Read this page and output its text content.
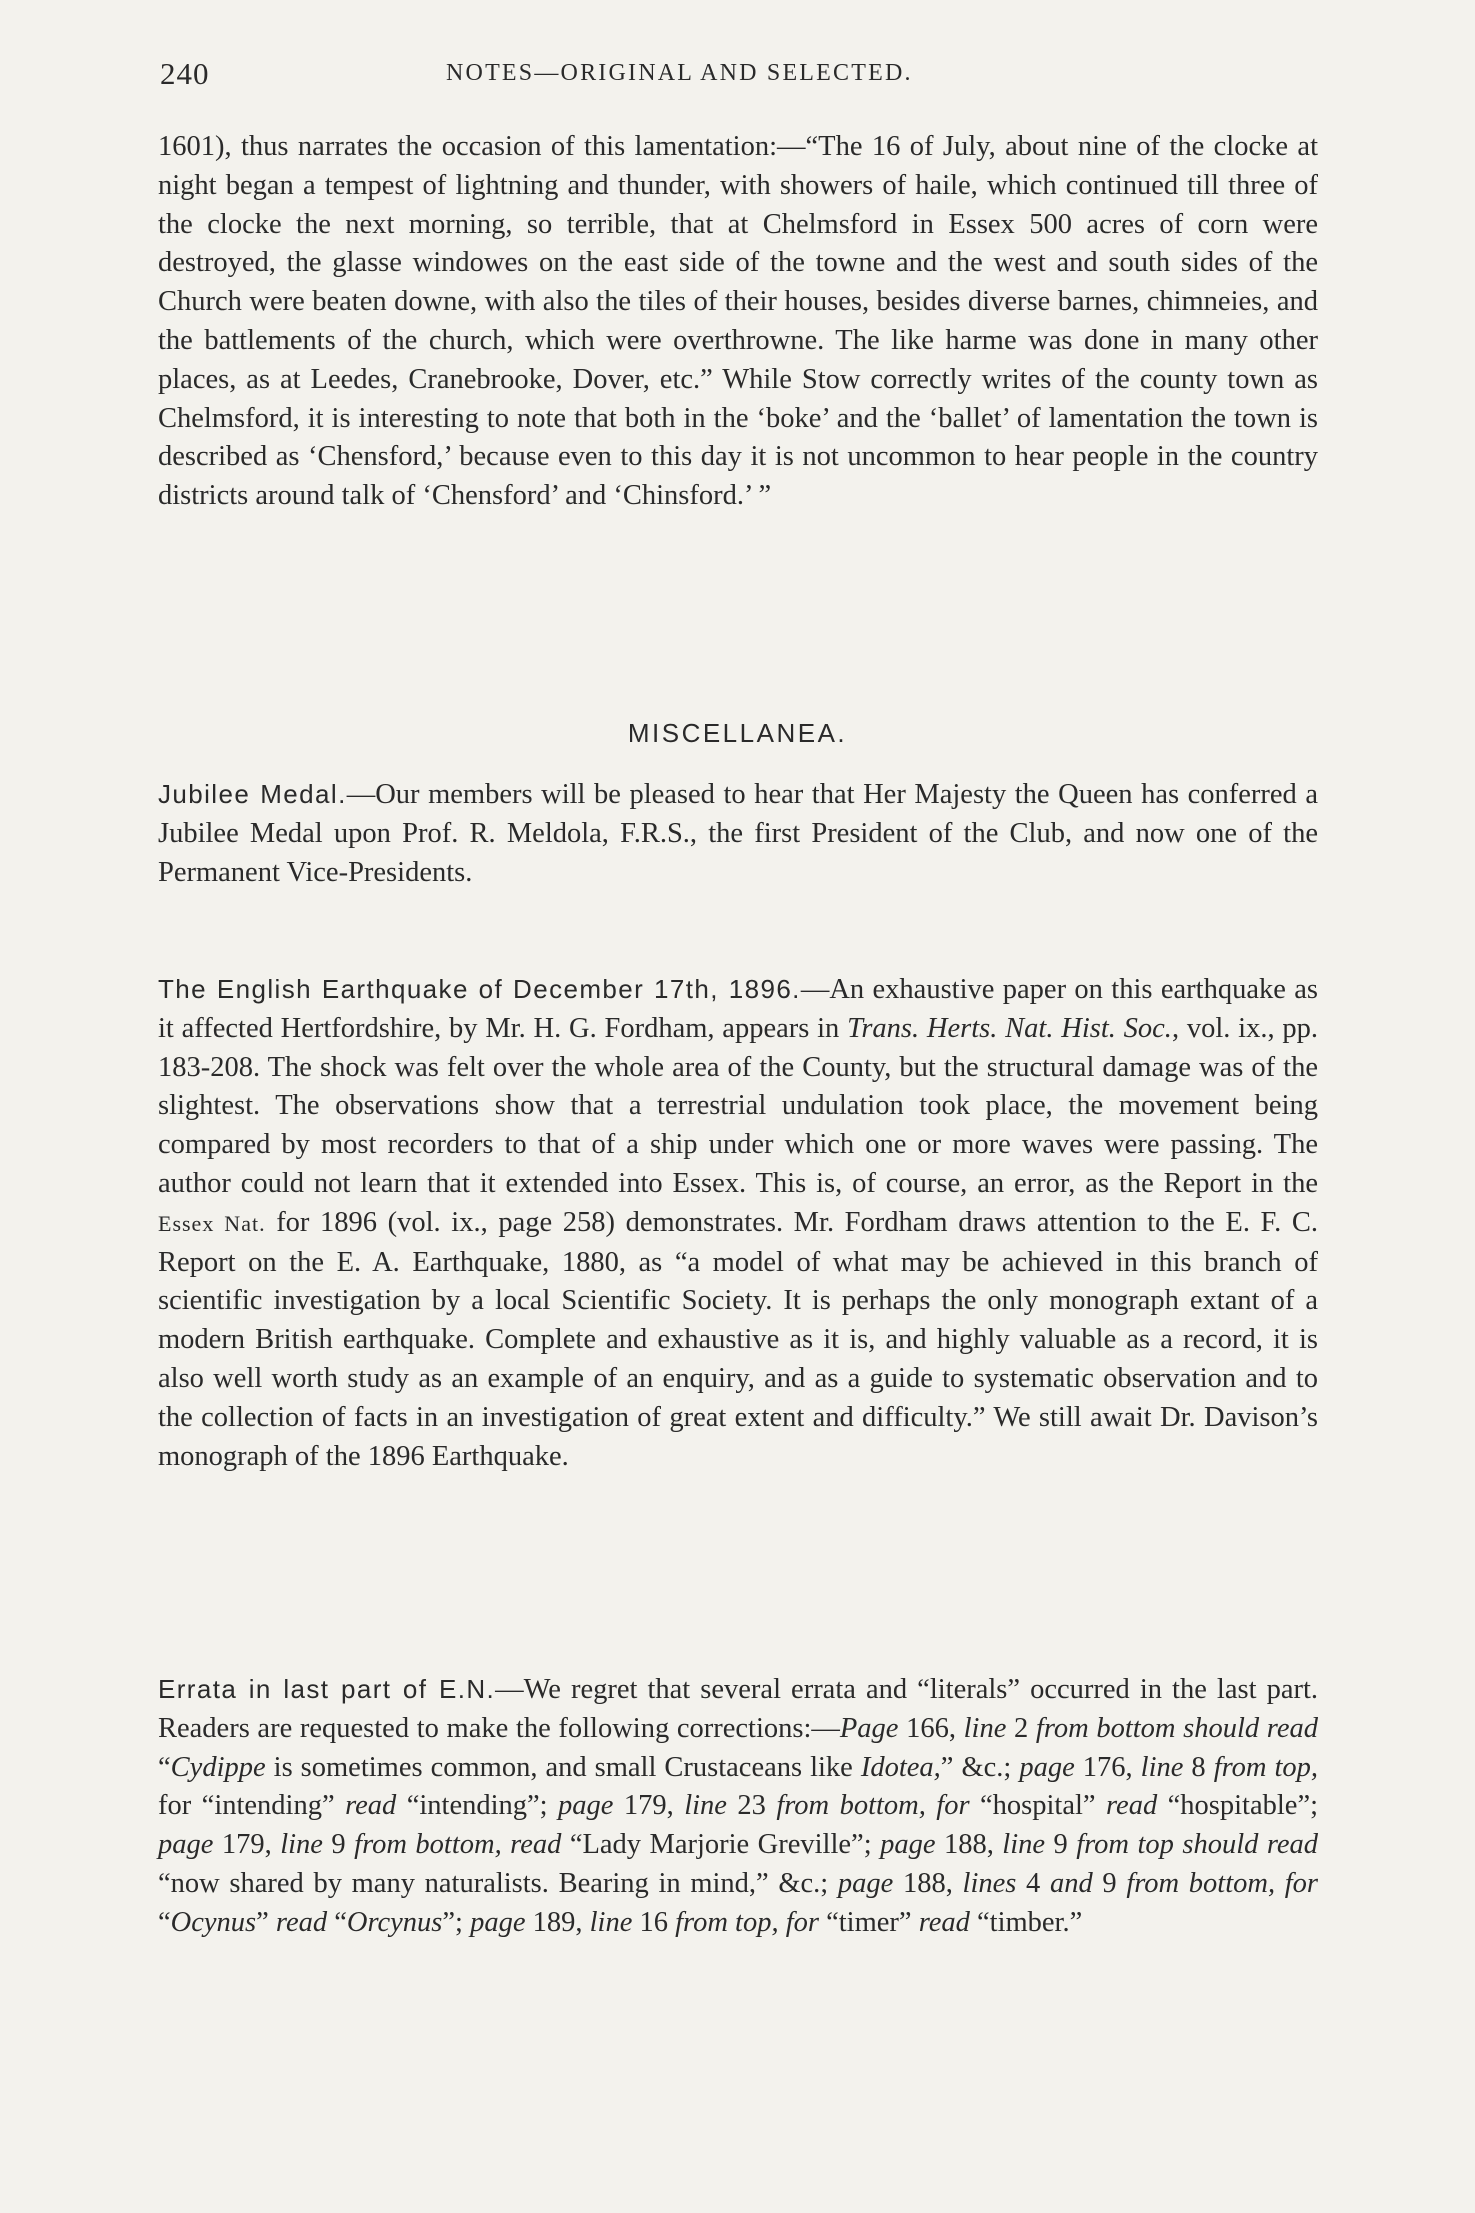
240	NOTES—ORIGINAL AND SELECTED.

1601), thus narrates the occasion of this lamentation:—“The 16 of July, about nine of the clocke at night began a tempest of lightning and thunder, with showers of haile, which continued till three of the clocke the next morning, so terrible, that at Chelmsford in Essex 500 acres of corn were destroyed, the glasse windowes on the east side of the towne and the west and south sides of the Church were beaten downe, with also the tiles of their houses, besides diverse barnes, chimneies, and the battlements of the church, which were overthrowne. The like harme was done in many other places, as at Leedes, Cranebrooke, Dover, etc.” While Stow correctly writes of the county town as Chelmsford, it is interesting to note that both in the ‘boke’ and the ‘ballet’ of lamentation the town is described as ‘Chensford,’ because even to this day it is not uncommon to hear people in the country districts around talk of ‘Chensford’ and ‘Chinsford.’ ”

MISCELLANEA.

Jubilee Medal.—Our members will be pleased to hear that Her Majesty the Queen has conferred a Jubilee Medal upon Prof. R. Meldola, F.R.S., the first President of the Club, and now one of the Permanent Vice-Presidents.

The English Earthquake of December 17th, 1896.—An exhaustive paper on this earthquake as it affected Hertfordshire, by Mr. H. G. Fordham, appears in Trans. Herts. Nat. Hist. Soc., vol. ix., pp. 183-208. The shock was felt over the whole area of the County, but the structural damage was of the slightest. The observations show that a terrestrial undulation took place, the movement being compared by most recorders to that of a ship under which one or more waves were passing. The author could not learn that it extended into Essex. This is, of course, an error, as the Report in the Essex Nat. for 1896 (vol. ix., page 258) demonstrates. Mr. Fordham draws attention to the E. F. C. Report on the E. A. Earthquake, 1880, as “a model of what may be achieved in this branch of scientific investigation by a local Scientific Society. It is perhaps the only monograph extant of a modern British earthquake. Complete and exhaustive as it is, and highly valuable as a record, it is also well worth study as an example of an enquiry, and as a guide to systematic observation and to the collection of facts in an investigation of great extent and difficulty.” We still await Dr. Davison’s monograph of the 1896 Earthquake.

Errata in last part of E.N.—We regret that several errata and “literals” occurred in the last part. Readers are requested to make the following corrections:—Page 166, line 2 from bottom should read “Cydippe is sometimes common, and small Crustaceans like Idotea,” &c.; page 176, line 8 from top, for “intending” read “intending”; page 179, line 23 from bottom, for “hospital” read “hospitable”; page 179, line 9 from bottom, read “Lady Marjorie Greville”; page 188, line 9 from top should read “now shared by many naturalists. Bearing in mind,” &c.; page 188, lines 4 and 9 from bottom, for “Ocynus” read “Orcynus”; page 189, line 16 from top, for “timer” read “timber.”
